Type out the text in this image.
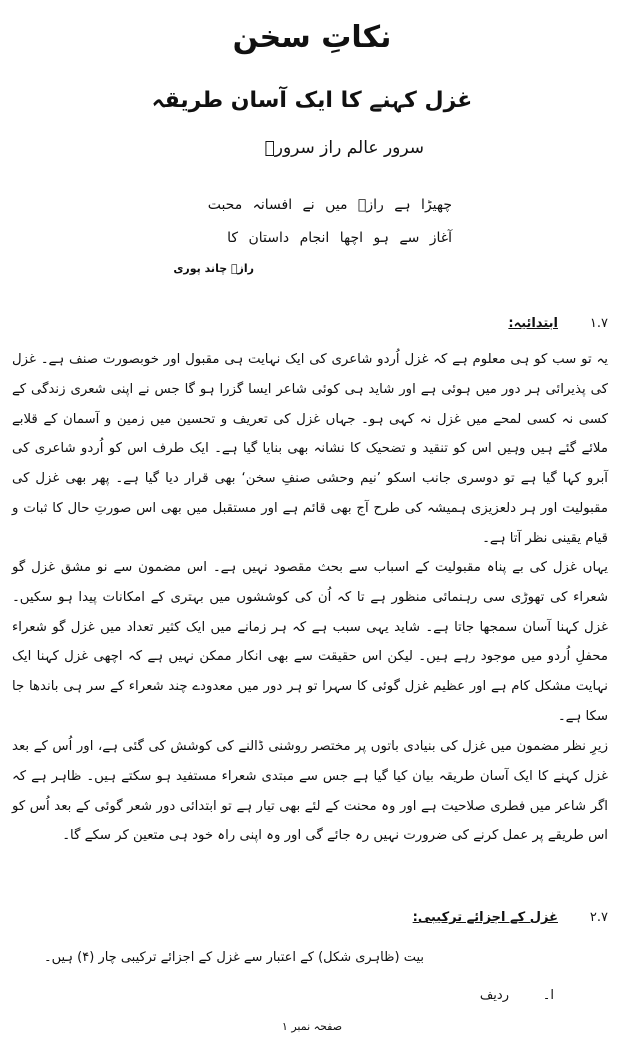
نکاتِ سخن
غزل کہنے کا ایک آسان طریقہ
سرور عالم راز سرورؔ
چھیڑا ہے رازؔ میں نے افسانہ محبت
آغاز سے ہو اچھا انجام داستان کا
رازؔ چاند پوری
۱.۷
ابتدائیہ:
یہ تو سب کو ہی معلوم ہے کہ غزل اُردو شاعری کی ایک نہایت ہی مقبول اور خوبصورت صنف ہے۔ غزل کی پذیرائی ہر دور میں ہوئی ہے اور شاید ہی کوئی شاعر ایسا گزرا ہو گا جس نے اپنی شعری زندگی کے کسی نہ کسی لمحے میں غزل نہ کہی ہو۔ جہاں غزل کی تعریف و تحسین میں زمین و آسمان کے قلابے ملائے گئے ہیں وہیں اس کو تنقید و تضحیک کا نشانہ بھی بنایا گیا ہے۔ ایک طرف اس کو اُردو شاعری کی آبرو کہا گیا ہے تو دوسری جانب اسکو ’نیم وحشی صنفِ سخن‘ بھی قرار دیا گیا ہے۔ پھر بھی غزل کی مقبولیت اور ہر دلعزیزی ہمیشہ کی طرح آج بھی قائم ہے اور مستقبل میں بھی اس صورتِ حال کا ثبات و قیام یقینی نظر آتا ہے۔
یہاں غزل کی بے پناہ مقبولیت کے اسباب سے بحث مقصود نہیں ہے۔ اس مضمون سے نو مشق غزل گو شعراء کی تھوڑی سی رہنمائی منظور ہے تا کہ اُن کی کوششوں میں بہتری کے امکانات پیدا ہو سکیں۔ غزل کہنا آسان سمجھا جاتا ہے۔ شاید یہی سبب ہے کہ ہر زمانے میں ایک کثیر تعداد میں غزل گو شعراء محفلِ اُردو میں موجود رہے ہیں۔ لیکن اس حقیقت سے بھی انکار ممکن نہیں ہے کہ اچھی غزل کہنا ایک نہایت مشکل کام ہے اور عظیم غزل گوئی کا سہرا تو ہر دور میں معدودے چند شعراء کے سر ہی باندھا جا سکا ہے۔
زیرِ نظر مضمون میں غزل کی بنیادی باتوں پر مختصر روشنی ڈالنے کی کوشش کی گئی ہے، اور اُس کے بعد غزل کہنے کا ایک آسان طریقہ بیان کیا گیا ہے جس سے مبتدی شعراء مستفید ہو سکتے ہیں۔ ظاہر ہے کہ اگر شاعر میں فطری صلاحیت ہے اور وہ محنت کے لئے بھی تیار ہے تو ابتدائی دور شعر گوئی کے بعد اُس کو اس طریقے پر عمل کرنے کی ضرورت نہیں رہ جائے گی اور وہ اپنی راہ خود ہی متعین کر سکے گا۔
۲.۷
غزل کے اجزائے ترکیبی:
بیت (ظاہری شکل) کے اعتبار سے غزل کے اجزائے ترکیبی چار (۴) ہیں۔
ا۔
ردیف
صفحہ نمبر ۱
